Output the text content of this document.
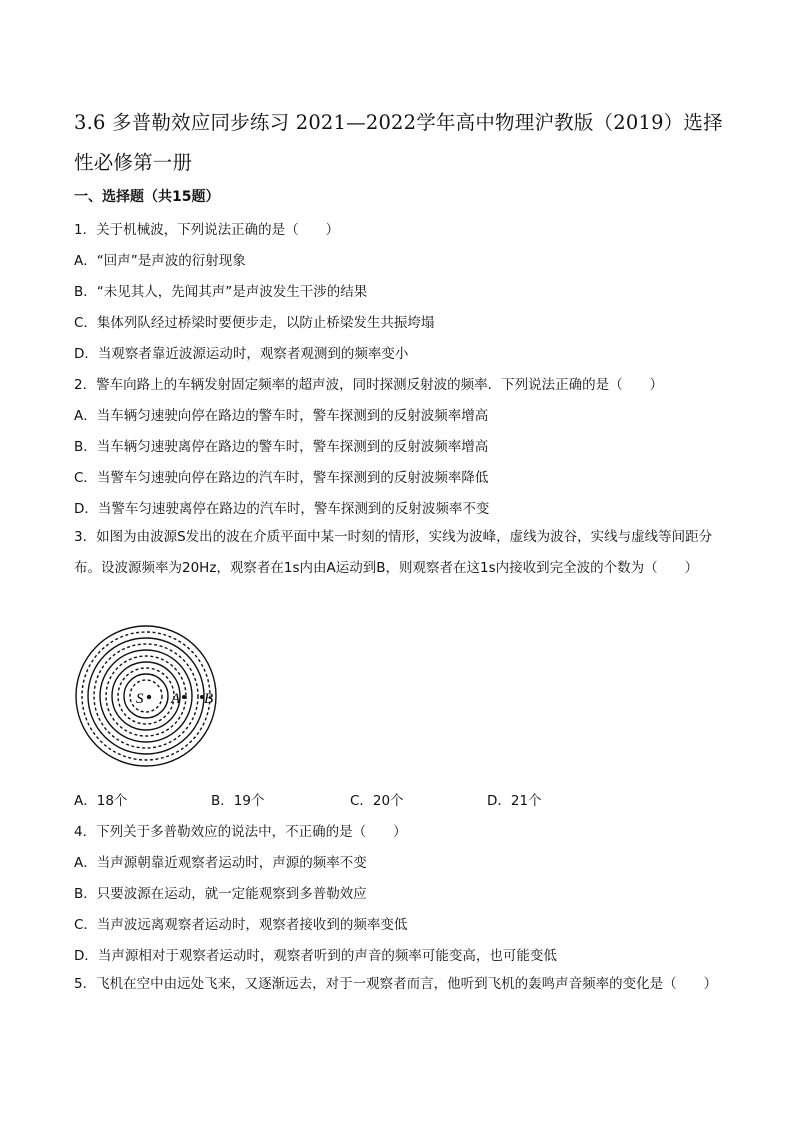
3.6 多普勒效应同步练习 2021—2022学年高中物理沪教版（2019）选择性必修第一册
一、选择题（共15题）
1．关于机械波，下列说法正确的是（　　）
A．“回声”是声波的衍射现象
B．“未见其人，先闻其声”是声波发生干涉的结果
C．集体列队经过桥梁时要便步走，以防止桥梁发生共振垮塌
D．当观察者靠近波源运动时，观察者观测到的频率变小
2．警车向路上的车辆发射固定频率的超声波，同时探测反射波的频率．下列说法正确的是（　　）
A．当车辆匀速驶向停在路边的警车时，警车探测到的反射波频率增高
B．当车辆匀速驶离停在路边的警车时，警车探测到的反射波频率增高
C．当警车匀速驶向停在路边的汽车时，警车探测到的反射波频率降低
D．当警车匀速驶离停在路边的汽车时，警车探测到的反射波频率不变
3．如图为由波源S发出的波在介质平面中某一时刻的情形，实线为波峰，虚线为波谷，实线与虚线等间距分布。设波源频率为20Hz，观察者在1s内由A运动到B，则观察者在这1s内接收到完全波的个数为（　　）
S A B
A．18个	B．19个	C．20个	D．21个
4．下列关于多普勒效应的说法中，不正确的是（　　）
A．当声源朝靠近观察者运动时，声源的频率不变
B．只要波源在运动，就一定能观察到多普勒效应
C．当声波远离观察者运动时，观察者接收到的频率变低
D．当声源相对于观察者运动时，观察者听到的声音的频率可能变高，也可能变低
5．飞机在空中由远处飞来，又逐渐远去，对于一观察者而言，他听到飞机的轰鸣声音频率的变化是（　　）
